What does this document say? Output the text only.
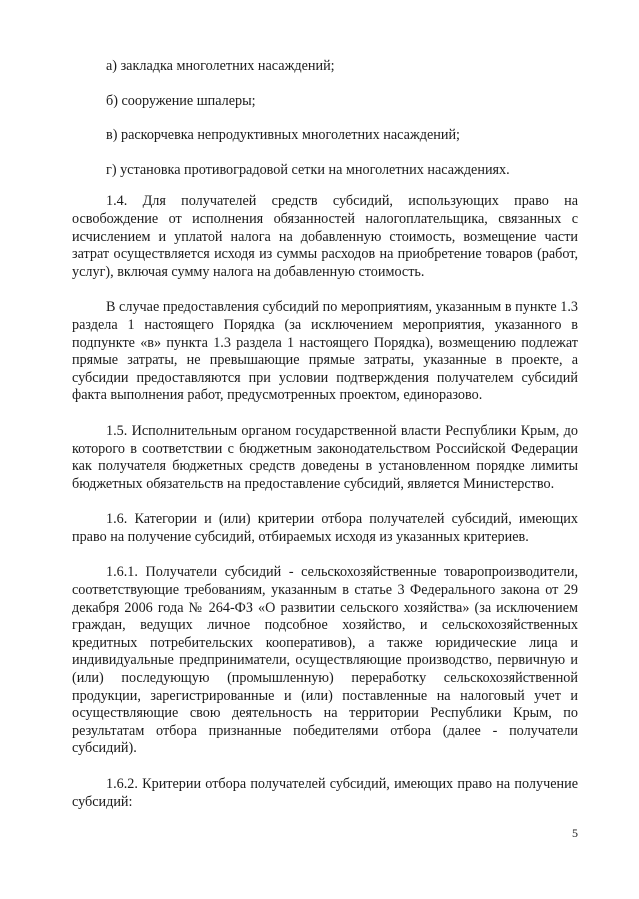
а) закладка многолетних насаждений;

б) сооружение шпалеры;

в) раскорчевка непродуктивных многолетних насаждений;

г) установка противоградовой сетки на многолетних насаждениях.

1.4. Для получателей средств субсидий, использующих право на освобождение от исполнения обязанностей налогоплательщика, связанных с исчислением и уплатой налога на добавленную стоимость, возмещение части затрат осуществляется исходя из суммы расходов на приобретение товаров (работ, услуг), включая сумму налога на добавленную стоимость.

В случае предоставления субсидий по мероприятиям, указанным в пункте 1.3 раздела 1 настоящего Порядка (за исключением мероприятия, указанного в подпункте «в» пункта 1.3 раздела 1 настоящего Порядка), возмещению подлежат прямые затраты, не превышающие прямые затраты, указанные в проекте, а субсидии предоставляются при условии подтверждения получателем субсидий факта выполнения работ, предусмотренных проектом, единоразово.

1.5. Исполнительным органом государственной власти Республики Крым, до которого в соответствии с бюджетным законодательством Российской Федерации как получателя бюджетных средств доведены в установленном порядке лимиты бюджетных обязательств на предоставление субсидий, является Министерство.

1.6. Категории и (или) критерии отбора получателей субсидий, имеющих право на получение субсидий, отбираемых исходя из указанных критериев.

1.6.1. Получатели субсидий - сельскохозяйственные товаропроизводители, соответствующие требованиям, указанным в статье 3 Федерального закона от 29 декабря 2006 года № 264-ФЗ «О развитии сельского хозяйства» (за исключением граждан, ведущих личное подсобное хозяйство, и сельскохозяйственных кредитных потребительских кооперативов), а также юридические лица и индивидуальные предприниматели, осуществляющие производство, первичную и (или) последующую (промышленную) переработку сельскохозяйственной продукции, зарегистрированные и (или) поставленные на налоговый учет и осуществляющие свою деятельность на территории Республики Крым, по результатам отбора признанные победителями отбора (далее - получатели субсидий).

1.6.2. Критерии отбора получателей субсидий, имеющих право на получение субсидий:

5
